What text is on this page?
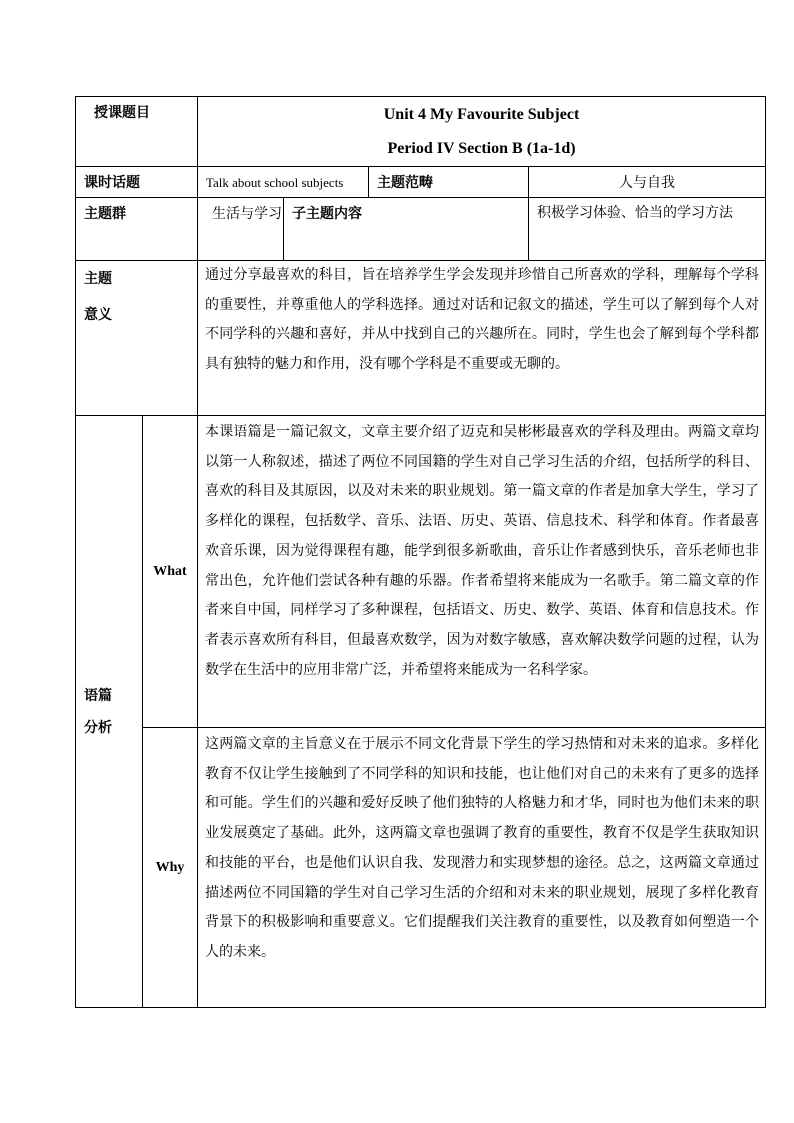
授课题目		Unit 4 My Favourite Subject
Period IV Section B (1a-1d)			

课时话题		Talk about school subjects		主题范畴	人与自我
主题群		生活与学习	子主题内容		积极学习体验、恰当的学习方法

主题
意义		通过分享最喜欢的科目，旨在培养学生学会发现并珍惜自己所喜欢的学科，理解每个学科的重要性，并尊重他人的学科选择。通过对话和记叙文的描述，学生可以了解到每个人对不同学科的兴趣和喜好，并从中找到自己的兴趣所在。同时，学生也会了解到每个学科都具有独特的魅力和作用，没有哪个学科是不重要或无聊的。			

语篇
分析	What	本课语篇是一篇记叙文，文章主要介绍了迈克和吴彬彬最喜欢的学科及理由。两篇文章均以第一人称叙述，描述了两位不同国籍的学生对自己学习生活的介绍，包括所学的科目、喜欢的科目及其原因，以及对未来的职业规划。第一篇文章的作者是加拿大学生，学习了多样化的课程，包括数学、音乐、法语、历史、英语、信息技术、科学和体育。作者最喜欢音乐课，因为觉得课程有趣，能学到很多新歌曲，音乐让作者感到快乐，音乐老师也非常出色，允许他们尝试各种有趣的乐器。作者希望将来能成为一名歌手。第二篇文章的作者来自中国，同样学习了多种课程，包括语文、历史、数学、英语、体育和信息技术。作者表示喜欢所有科目，但最喜欢数学，因为对数字敏感，喜欢解决数学问题的过程，认为数学在生活中的应用非常广泛，并希望将来能成为一名科学家。			
	Why	这两篇文章的主旨意义在于展示不同文化背景下学生的学习热情和对未来的追求。多样化教育不仅让学生接触到了不同学科的知识和技能，也让他们对自己的未来有了更多的选择和可能。学生们的兴趣和爱好反映了他们独特的人格魅力和才华，同时也为他们未来的职业发展奠定了基础。此外，这两篇文章也强调了教育的重要性，教育不仅是学生获取知识和技能的平台，也是他们认识自我、发现潜力和实现梦想的途径。总之，这两篇文章通过描述两位不同国籍的学生对自己学习生活的介绍和对未来的职业规划，展现了多样化教育背景下的积极影响和重要意义。它们提醒我们关注教育的重要性，以及教育如何塑造一个人的未来。			
